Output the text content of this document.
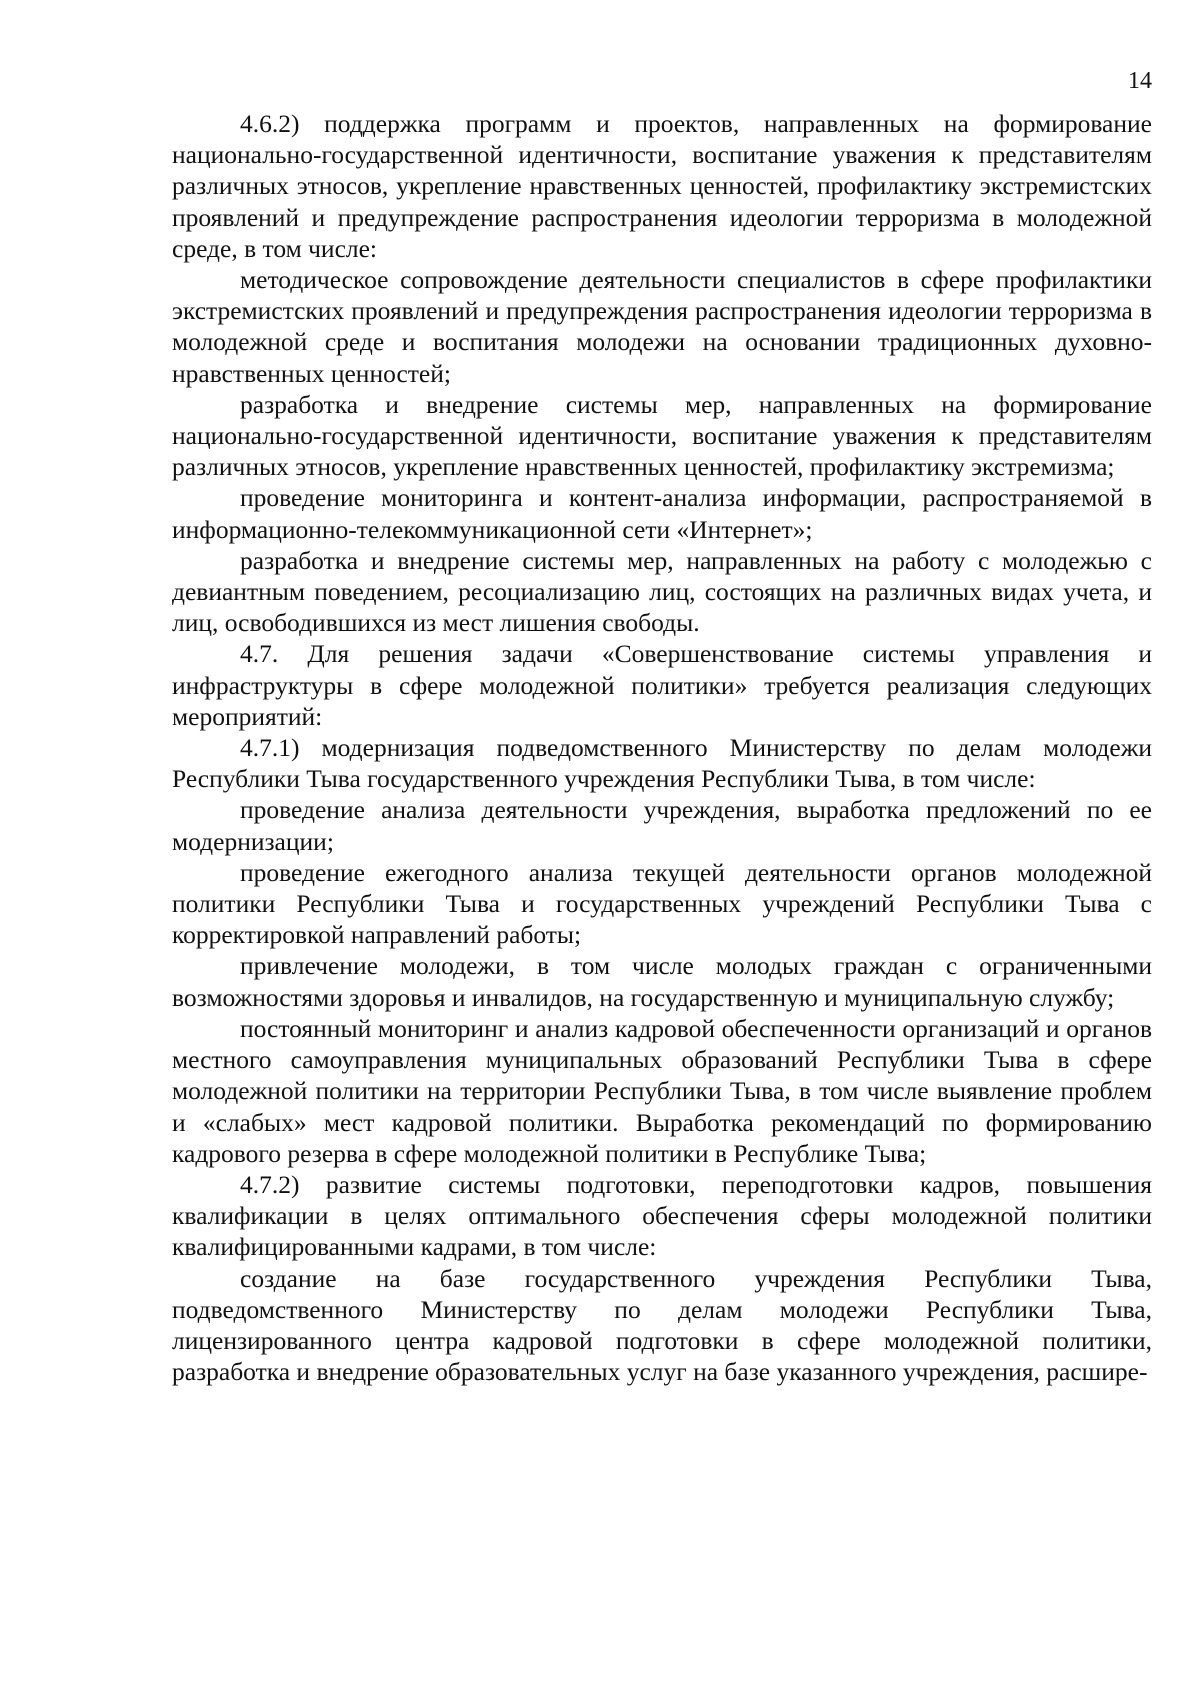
14

4.6.2) поддержка программ и проектов, направленных на формирование национально-государственной идентичности, воспитание уважения к представителям различных этносов, укрепление нравственных ценностей, профилактику экстремистских проявлений и предупреждение распространения идеологии терроризма в молодежной среде, в том числе:

методическое сопровождение деятельности специалистов в сфере профилактики экстремистских проявлений и предупреждения распространения идеологии терроризма в молодежной среде и воспитания молодежи на основании традиционных духовно-нравственных ценностей;

разработка и внедрение системы мер, направленных на формирование национально-государственной идентичности, воспитание уважения к представителям различных этносов, укрепление нравственных ценностей, профилактику экстремизма;

проведение мониторинга и контент-анализа информации, распространяемой в информационно-телекоммуникационной сети «Интернет»;

разработка и внедрение системы мер, направленных на работу с молодежью с девиантным поведением, ресоциализацию лиц, состоящих на различных видах учета, и лиц, освободившихся из мест лишения свободы.

4.7. Для решения задачи «Совершенствование системы управления и инфраструктуры в сфере молодежной политики» требуется реализация следующих мероприятий:

4.7.1) модернизация подведомственного Министерству по делам молодежи Республики Тыва государственного учреждения Республики Тыва, в том числе:

проведение анализа деятельности учреждения, выработка предложений по ее модернизации;

проведение ежегодного анализа текущей деятельности органов молодежной политики Республики Тыва и государственных учреждений Республики Тыва с корректировкой направлений работы;

привлечение молодежи, в том числе молодых граждан с ограниченными возможностями здоровья и инвалидов, на государственную и муниципальную службу;

постоянный мониторинг и анализ кадровой обеспеченности организаций и органов местного самоуправления муниципальных образований Республики Тыва в сфере молодежной политики на территории Республики Тыва, в том числе выявление проблем и «слабых» мест кадровой политики. Выработка рекомендаций по формированию кадрового резерва в сфере молодежной политики в Республике Тыва;

4.7.2) развитие системы подготовки, переподготовки кадров, повышения квалификации в целях оптимального обеспечения сферы молодежной политики квалифицированными кадрами, в том числе:

создание на базе государственного учреждения Республики Тыва, подведомственного Министерству по делам молодежи Республики Тыва, лицензированного центра кадровой подготовки в сфере молодежной политики, разработка и внедрение образовательных услуг на базе указанного учреждения, расшире-
